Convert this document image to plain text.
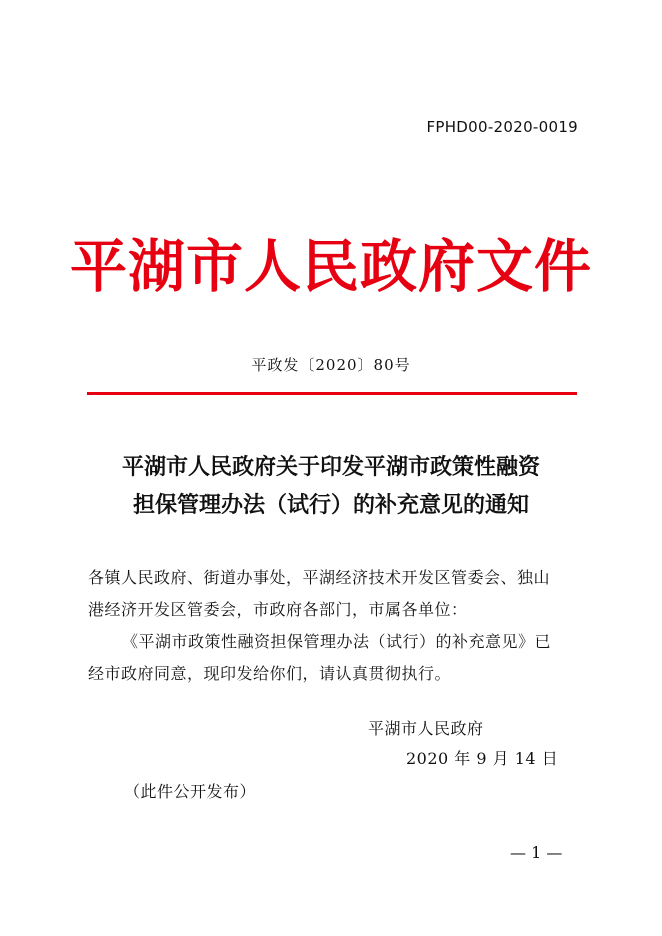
FPHD00-2020-0019
平湖市人民政府文件
平政发〔2020〕80号
平湖市人民政府关于印发平湖市政策性融资
担保管理办法（试行）的补充意见的通知

各镇人民政府、街道办事处，平湖经济技术开发区管委会、独山

港经济开发区管委会，市政府各部门，市属各单位：

《平湖市政策性融资担保管理办法（试行）的补充意见》已

经市政府同意，现印发给你们，请认真贯彻执行。

平湖市人民政府
2020 年 9 月 14 日
（此件公开发布）
— 1 —
